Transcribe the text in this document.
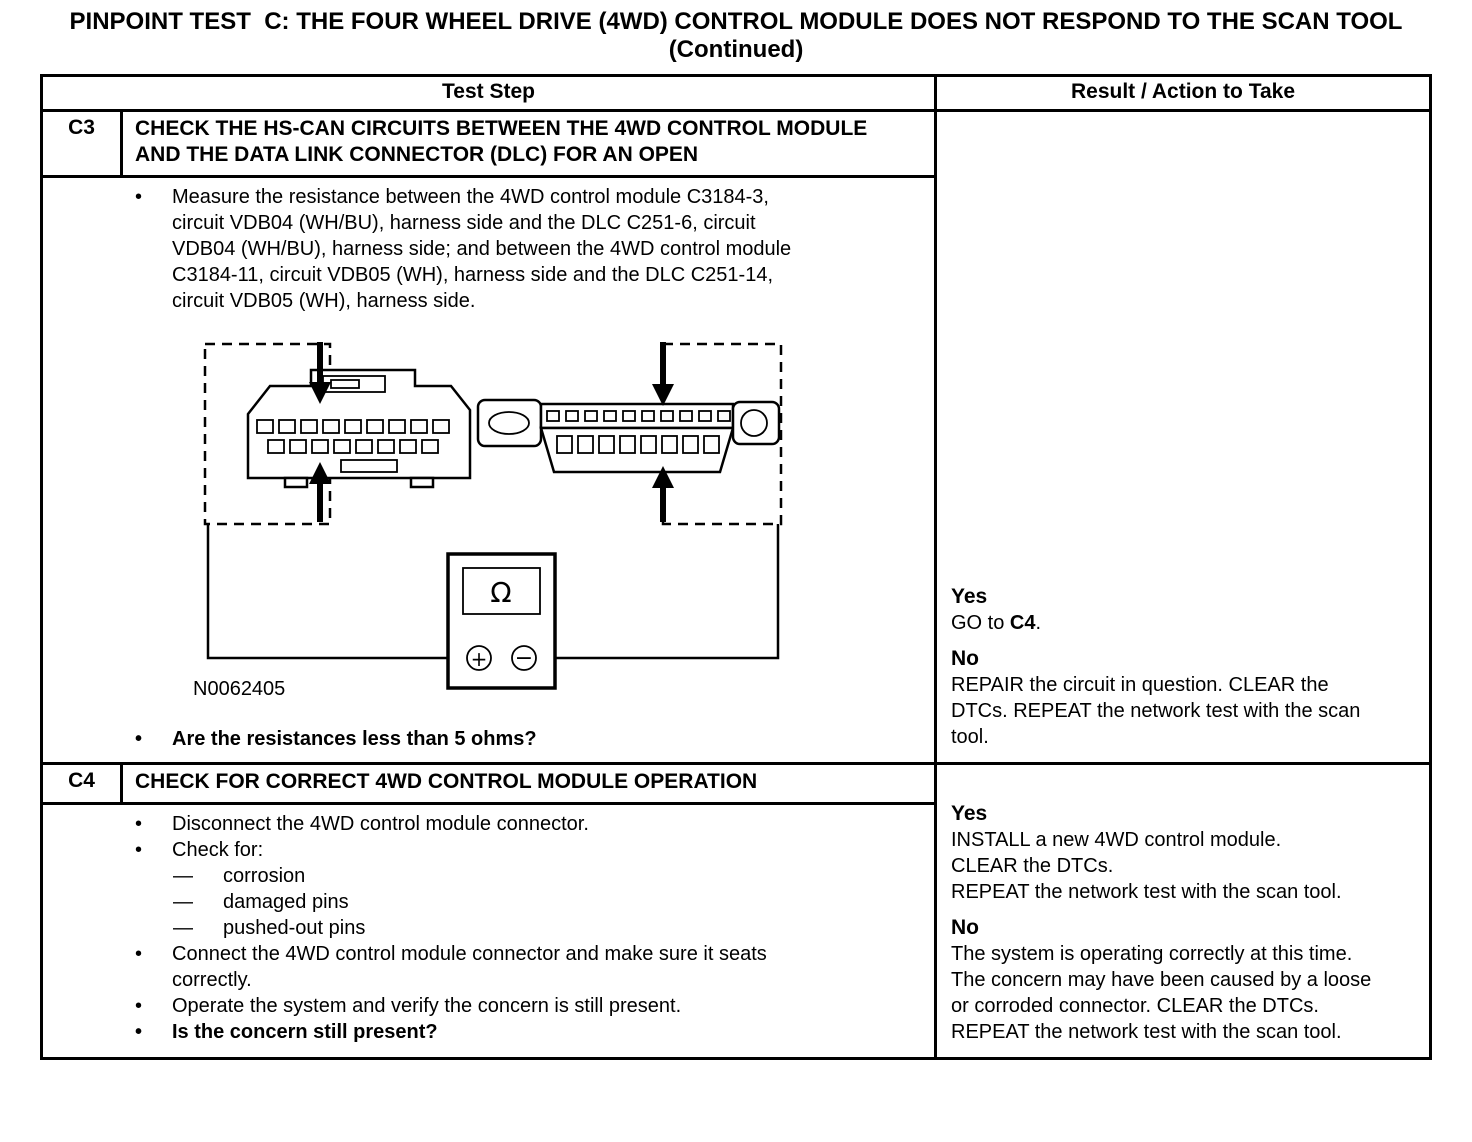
PINPOINT TEST  C: THE FOUR WHEEL DRIVE (4WD) CONTROL MODULE DOES NOT RESPOND TO THE SCAN TOOL (Continued)
Test Step	Result / Action to Take
C3	CHECK THE HS-CAN CIRCUITS BETWEEN THE 4WD CONTROL MODULE AND THE DATA LINK CONNECTOR (DLC) FOR AN OPEN
•	Measure the resistance between the 4WD control module C3184-3, circuit VDB04 (WH/BU), harness side and the DLC C251-6, circuit VDB04 (WH/BU), harness side; and between the 4WD control module C3184-11, circuit VDB05 (WH), harness side and the DLC C251-14, circuit VDB05 (WH), harness side.
Ω
+ −
N0062405
•	Are the resistances less than 5 ohms?
Yes
GO to C4.
No
REPAIR the circuit in question. CLEAR the DTCs. REPEAT the network test with the scan tool.
C4	CHECK FOR CORRECT 4WD CONTROL MODULE OPERATION
•	Disconnect the 4WD control module connector.
•	Check for:
—	corrosion
—	damaged pins
—	pushed-out pins
•	Connect the 4WD control module connector and make sure it seats correctly.
•	Operate the system and verify the concern is still present.
•	Is the concern still present?
Yes
INSTALL a new 4WD control module.
CLEAR the DTCs.
REPEAT the network test with the scan tool.
No
The system is operating correctly at this time. The concern may have been caused by a loose or corroded connector. CLEAR the DTCs. REPEAT the network test with the scan tool.
